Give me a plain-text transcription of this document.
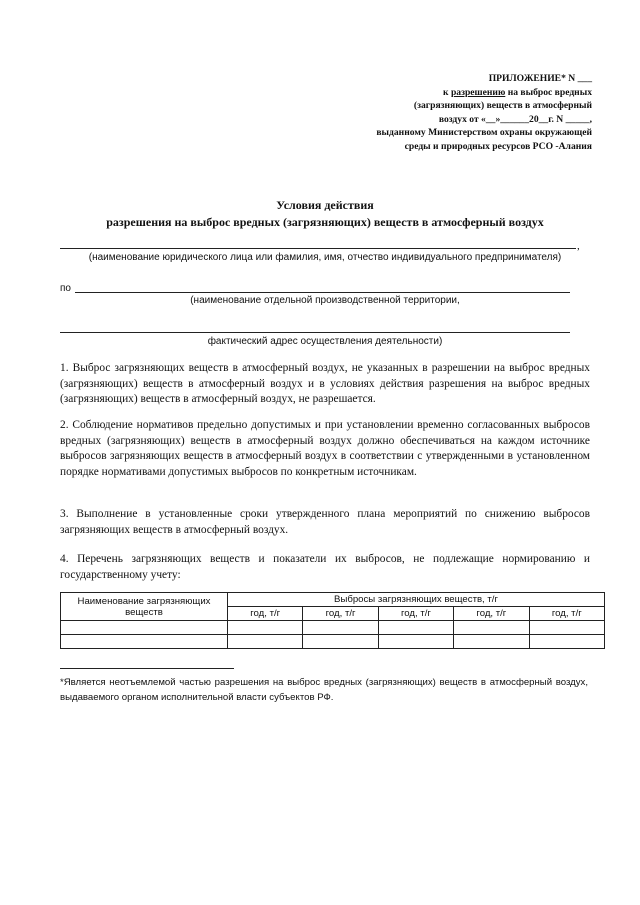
ПРИЛОЖЕНИЕ* N ___
к разрешению на выброс вредных
(загрязняющих) веществ в атмосферный
воздух от «__»______20__г. N _____,
выданному Министерством охраны окружающей
среды и природных ресурсов РСО -Алания
Условия действия
разрешения на выброс вредных (загрязняющих) веществ в атмосферный воздух
,
(наименование юридического лица или фамилия, имя, отчество индивидуального предпринимателя)
по
(наименование отдельной производственной территории,
фактический адрес осуществления деятельности)
1. Выброс загрязняющих веществ в атмосферный воздух, не указанных в разрешении на выброс вредных (загрязняющих) веществ в атмосферный воздух и в условиях действия разрешения на выброс вредных (загрязняющих) веществ в атмосферный воздух, не разрешается.
2. Соблюдение нормативов предельно допустимых и при установлении временно согласованных выбросов вредных (загрязняющих) веществ в атмосферный воздух должно обеспечиваться на каждом источнике выбросов загрязняющих веществ в атмосферный воздух в соответствии с утвержденными в установленном порядке нормативами допустимых выбросов по конкретным источникам.
3. Выполнение в установленные сроки утвержденного плана мероприятий по снижению выбросов загрязняющих веществ в атмосферный воздух.
4. Перечень загрязняющих веществ и показатели их выбросов, не подлежащие нормированию и государственному учету:
Наименование загрязняющих веществ	Выбросы загрязняющих веществ, т/г				
	год, т/г	год, т/г	год, т/г	год, т/г	год, т/г

*Является неотъемлемой частью разрешения на выброс вредных (загрязняющих) веществ в атмосферный воздух, выдаваемого органом исполнительной власти субъектов РФ.
